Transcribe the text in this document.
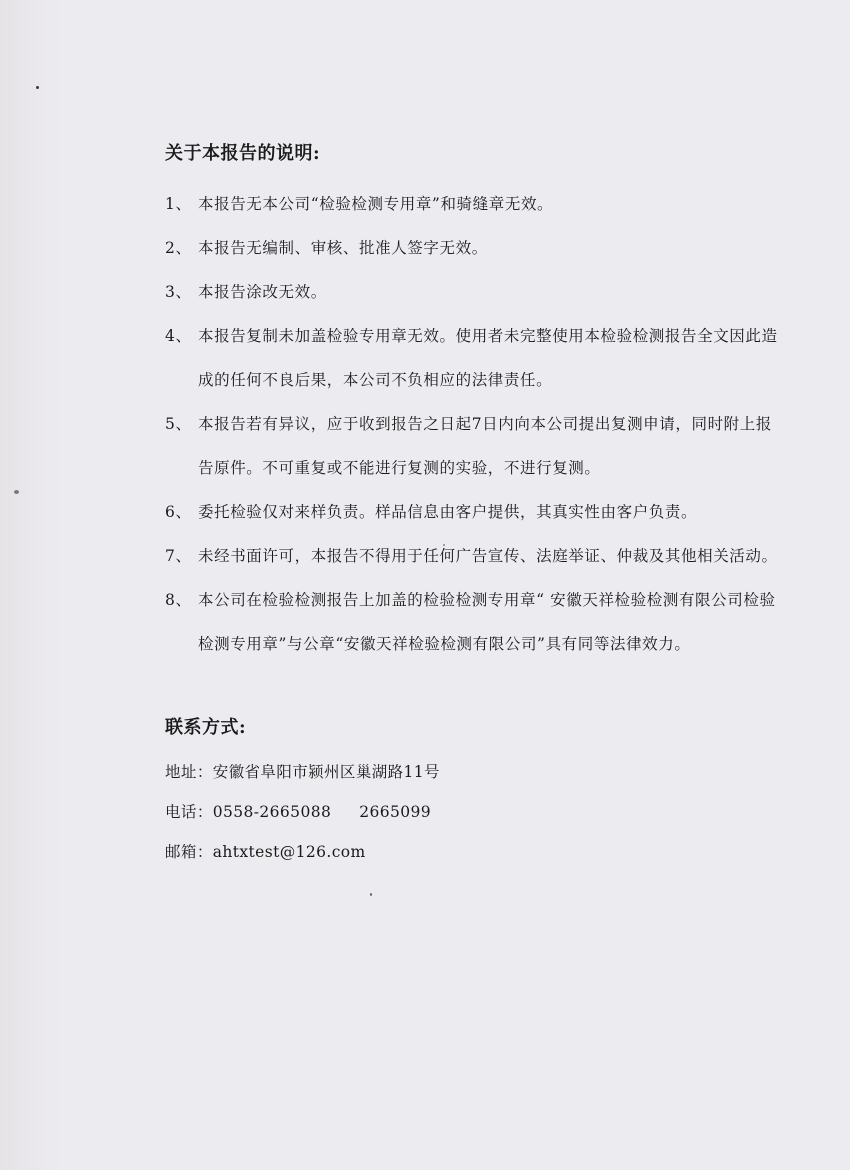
关于本报告的说明:

1、 本报告无本公司“检验检测专用章”和骑缝章无效。

2、 本报告无编制、审核、批准人签字无效。

3、 本报告涂改无效。

4、 本报告复制未加盖检验专用章无效。使用者未完整使用本检验检测报告全文因此造成的任何不良后果，本公司不负相应的法律责任。

5、 本报告若有异议，应于收到报告之日起7日内向本公司提出复测申请，同时附上报告原件。不可重复或不能进行复测的实验，不进行复测。

6、 委托检验仅对来样负责。样品信息由客户提供，其真实性由客户负责。

7、 未经书面许可，本报告不得用于任何广告宣传、法庭举证、仲裁及其他相关活动。

8、 本公司在检验检测报告上加盖的检验检测专用章“ 安徽天祥检验检测有限公司检验检测专用章”与公章“安徽天祥检验检测有限公司”具有同等法律效力。

联系方式:
地址：安徽省阜阳市颍州区巢湖路11号
电话：0558-2665088 2665099
邮箱：ahtxtest@126.com
